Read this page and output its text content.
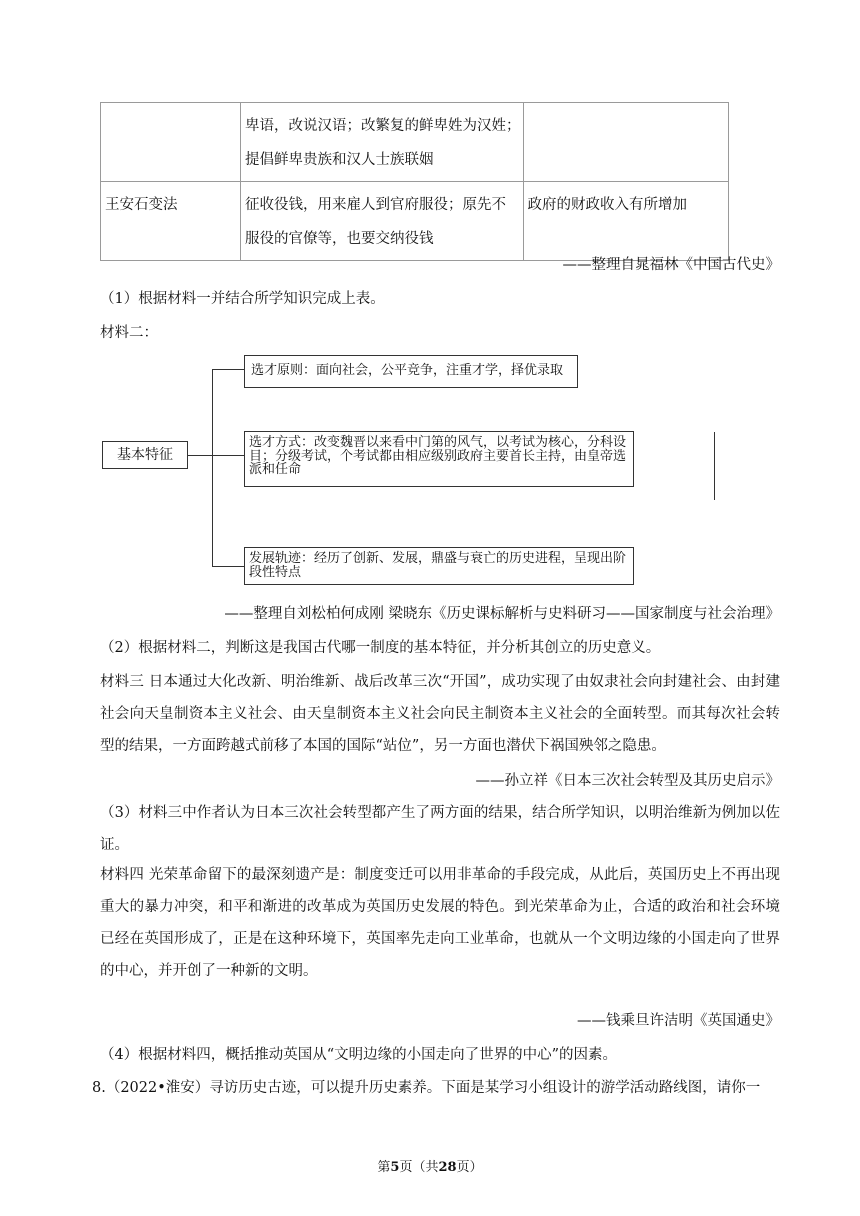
	卑语，改说汉语；改繁复的鲜卑姓为汉姓；
提倡鲜卑贵族和汉人士族联姻	

王安石变法	征收役钱，用来雇人到官府服役；原先不
服役的官僚等，也要交纳役钱	政府的财政收入有所增加
——整理自晁福林《中国古代史》
（1）根据材料一并结合所学知识完成上表。
材料二：
基本特征
选才原则：面向社会，公平竞争，注重才学，择优录取
选才方式：改变魏晋以来看中门第的风气，以考试为核心，分科设目；分级考试，个考试都由相应级别政府主要首长主持，由皇帝选派和任命
发展轨迹：经历了创新、发展，鼎盛与衰亡的历史进程，呈现出阶段性特点
——整理自刘松柏何成刚 梁晓东《历史课标解析与史料研习——国家制度与社会治理》
（2）根据材料二，判断这是我国古代哪一制度的基本特征，并分析其创立的历史意义。
材料三 日本通过大化改新、明治维新、战后改革三次“开国”，成功实现了由奴隶社会向封建社会、由封建社会向天皇制资本主义社会、由天皇制资本主义社会向民主制资本主义社会的全面转型。而其每次社会转型的结果，一方面跨越式前移了本国的国际“站位”，另一方面也潜伏下祸国殃邻之隐患。
——孙立祥《日本三次社会转型及其历史启示》
（3）材料三中作者认为日本三次社会转型都产生了两方面的结果，结合所学知识，以明治维新为例加以佐证。
材料四 光荣革命留下的最深刻遗产是：制度变迁可以用非革命的手段完成，从此后，英国历史上不再出现重大的暴力冲突，和平和渐进的改革成为英国历史发展的特色。到光荣革命为止，合适的政治和社会环境已经在英国形成了，正是在这种环境下，英国率先走向工业革命，也就从一个文明边缘的小国走向了世界的中心，并开创了一种新的文明。
——钱乘旦许洁明《英国通史》
（4）根据材料四，概括推动英国从“文明边缘的小国走向了世界的中心”的因素。
8.（2022•淮安）寻访历史古迹，可以提升历史素养。下面是某学习小组设计的游学活动路线图，请你一
第5页（共28页）
